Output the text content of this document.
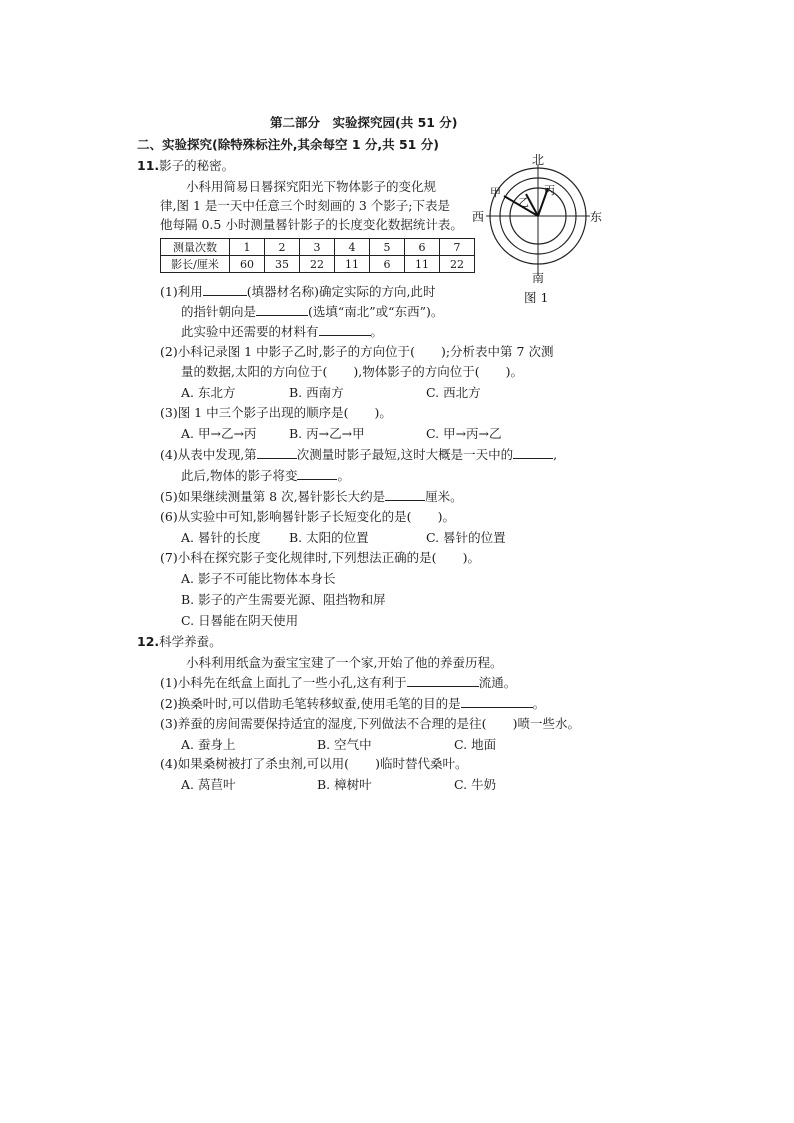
第二部分　实验探究园(共 51 分)
二、实验探究(除特殊标注外,其余每空 1 分,共 51 分)
11.影子的秘密。
小科用简易日晷探究阳光下物体影子的变化规
律,图 1 是一天中任意三个时刻画的 3 个影子;下表是
他每隔 0.5 小时测量晷针影子的长度变化数据统计表。
测量次数	1	2	3	4	5	6	7
影长/厘米	60	35	22	11	6	11	22
北
南
东
西
甲
乙
丙
图 1
(1)利用	(填器材名称)确定实际的方向,此时
的指针朝向是	(选填“南北”或“东西”)。
此实验中还需要的材料有	。
(2)小科记录图 1 中影子乙时,影子的方向位于( );分析表中第 7 次测
量的数据,太阳的方向位于( ),物体影子的方向位于( )。
A. 东北方	B. 西南方	C. 西北方
(3)图 1 中三个影子出现的顺序是( )。
A. 甲→乙→丙	B. 丙→乙→甲	C. 甲→丙→乙
(4)从表中发现,第	次测量时影子最短,这时大概是一天中的	,
此后,物体的影子将变	。
(5)如果继续测量第 8 次,晷针影长大约是	厘米。
(6)从实验中可知,影响晷针影子长短变化的是( )。
A. 晷针的长度 B. 太阳的位置	C. 晷针的位置
(7)小科在探究影子变化规律时,下列想法正确的是( )。
A. 影子不可能比物体本身长
B. 影子的产生需要光源、阻挡物和屏
C. 日晷能在阴天使用
12.科学养蚕。
小科利用纸盒为蚕宝宝建了一个家,开始了他的养蚕历程。
(1)小科先在纸盒上面扎了一些小孔,这有利于	流通。
(2)换桑叶时,可以借助毛笔转移蚁蚕,使用毛笔的目的是	。
(3)养蚕的房间需要保持适宜的湿度,下列做法不合理的是往( )喷一些水。
A. 蚕身上	B. 空气中	C. 地面
(4)如果桑树被打了杀虫剂,可以用( )临时替代桑叶。
A. 莴苣叶	B. 樟树叶	C. 牛奶
